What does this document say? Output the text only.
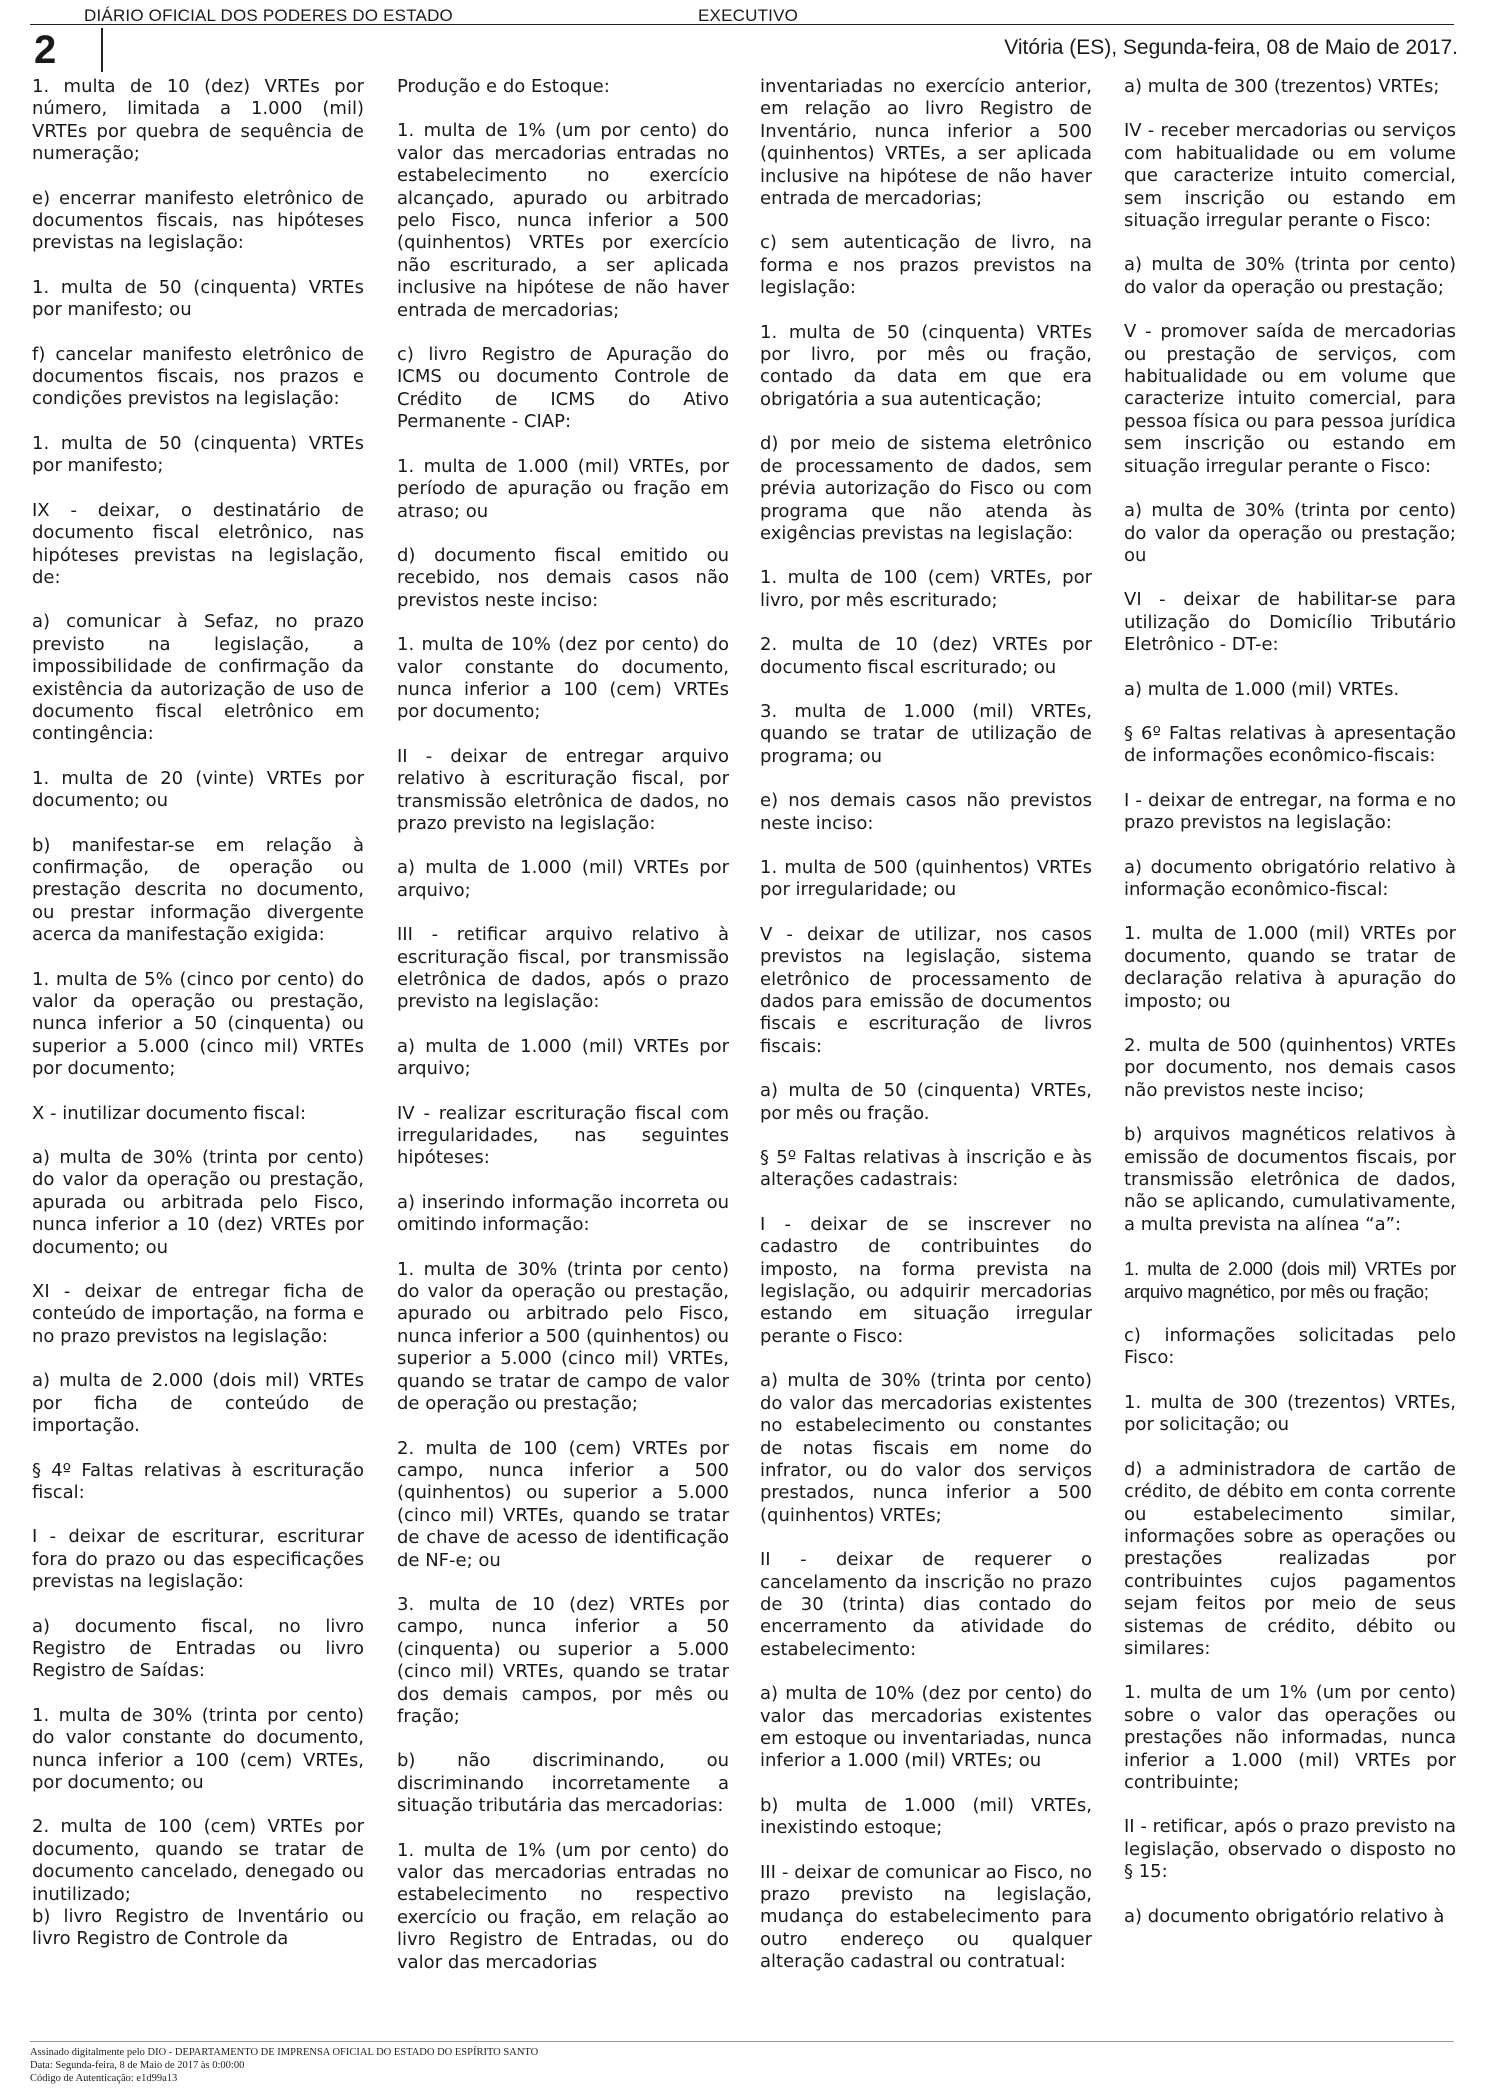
DIÁRIO OFICIAL DOS PODERES DO ESTADO	EXECUTIVO
2	Vitória (ES), Segunda-feira, 08 de Maio de 2017.

1. multa de 10 (dez) VRTEs por número, limitada a 1.000 (mil) VRTEs por quebra de sequência de numeração;

e) encerrar manifesto eletrônico de documentos fiscais, nas hipóteses previstas na legislação:

1. multa de 50 (cinquenta) VRTEs por manifesto; ou

f) cancelar manifesto eletrônico de documentos fiscais, nos prazos e condições previstos na legislação:

1. multa de 50 (cinquenta) VRTEs por manifesto;

IX - deixar, o destinatário de documento fiscal eletrônico, nas hipóteses previstas na legislação, de:

a) comunicar à Sefaz, no prazo previsto na legislação, a impossibilidade de confirmação da existência da autorização de uso de documento fiscal eletrônico em contingência:

1. multa de 20 (vinte) VRTEs por documento; ou

b) manifestar-se em relação à confirmação, de operação ou prestação descrita no documento, ou prestar informação divergente acerca da manifestação exigida:

1. multa de 5% (cinco por cento) do valor da operação ou prestação, nunca inferior a 50 (cinquenta) ou superior a 5.000 (cinco mil) VRTEs por documento;

X - inutilizar documento fiscal:

a) multa de 30% (trinta por cento) do valor da operação ou prestação, apurada ou arbitrada pelo Fisco, nunca inferior a 10 (dez) VRTEs por documento; ou

XI - deixar de entregar ficha de conteúdo de importação, na forma e no prazo previstos na legislação:

a) multa de 2.000 (dois mil) VRTEs por ficha de conteúdo de importação.

§ 4º Faltas relativas à escrituração fiscal:

I - deixar de escriturar, escriturar fora do prazo ou das especificações previstas na legislação:

a) documento fiscal, no livro Registro de Entradas ou livro Registro de Saídas:

1. multa de 30% (trinta por cento) do valor constante do documento, nunca inferior a 100 (cem) VRTEs, por documento; ou

2. multa de 100 (cem) VRTEs por documento, quando se tratar de documento cancelado, denegado ou inutilizado;

b) livro Registro de Inventário ou livro Registro de Controle da

Produção e do Estoque:

1. multa de 1% (um por cento) do valor das mercadorias entradas no estabelecimento no exercício alcançado, apurado ou arbitrado pelo Fisco, nunca inferior a 500 (quinhentos) VRTEs por exercício não escriturado, a ser aplicada inclusive na hipótese de não haver entrada de mercadorias;

c) livro Registro de Apuração do ICMS ou documento Controle de Crédito de ICMS do Ativo Permanente - CIAP:

1. multa de 1.000 (mil) VRTEs, por período de apuração ou fração em atraso; ou

d) documento fiscal emitido ou recebido, nos demais casos não previstos neste inciso:

1. multa de 10% (dez por cento) do valor constante do documento, nunca inferior a 100 (cem) VRTEs por documento;

II - deixar de entregar arquivo relativo à escrituração fiscal, por transmissão eletrônica de dados, no prazo previsto na legislação:

a) multa de 1.000 (mil) VRTEs por arquivo;

III - retificar arquivo relativo à escrituração fiscal, por transmissão eletrônica de dados, após o prazo previsto na legislação:

a) multa de 1.000 (mil) VRTEs por arquivo;

IV - realizar escrituração fiscal com irregularidades, nas seguintes hipóteses:

a) inserindo informação incorreta ou omitindo informação:

1. multa de 30% (trinta por cento) do valor da operação ou prestação, apurado ou arbitrado pelo Fisco, nunca inferior a 500 (quinhentos) ou superior a 5.000 (cinco mil) VRTEs, quando se tratar de campo de valor de operação ou prestação;

2. multa de 100 (cem) VRTEs por campo, nunca inferior a 500 (quinhentos) ou superior a 5.000 (cinco mil) VRTEs, quando se tratar de chave de acesso de identificação de NF-e; ou

3. multa de 10 (dez) VRTEs por campo, nunca inferior a 50 (cinquenta) ou superior a 5.000 (cinco mil) VRTEs, quando se tratar dos demais campos, por mês ou fração;

b) não discriminando, ou discriminando incorretamente a situação tributária das mercadorias:

1. multa de 1% (um por cento) do valor das mercadorias entradas no estabelecimento no respectivo exercício ou fração, em relação ao livro Registro de Entradas, ou do valor das mercadorias

inventariadas no exercício anterior, em relação ao livro Registro de Inventário, nunca inferior a 500 (quinhentos) VRTEs, a ser aplicada inclusive na hipótese de não haver entrada de mercadorias;

c) sem autenticação de livro, na forma e nos prazos previstos na legislação:

1. multa de 50 (cinquenta) VRTEs por livro, por mês ou fração, contado da data em que era obrigatória a sua autenticação;

d) por meio de sistema eletrônico de processamento de dados, sem prévia autorização do Fisco ou com programa que não atenda às exigências previstas na legislação:

1. multa de 100 (cem) VRTEs, por livro, por mês escriturado;

2. multa de 10 (dez) VRTEs por documento fiscal escriturado; ou

3. multa de 1.000 (mil) VRTEs, quando se tratar de utilização de programa; ou

e) nos demais casos não previstos neste inciso:

1. multa de 500 (quinhentos) VRTEs por irregularidade; ou

V - deixar de utilizar, nos casos previstos na legislação, sistema eletrônico de processamento de dados para emissão de documentos fiscais e escrituração de livros fiscais:

a) multa de 50 (cinquenta) VRTEs, por mês ou fração.

§ 5º Faltas relativas à inscrição e às alterações cadastrais:

I - deixar de se inscrever no cadastro de contribuintes do imposto, na forma prevista na legislação, ou adquirir mercadorias estando em situação irregular perante o Fisco:

a) multa de 30% (trinta por cento) do valor das mercadorias existentes no estabelecimento ou constantes de notas fiscais em nome do infrator, ou do valor dos serviços prestados, nunca inferior a 500 (quinhentos) VRTEs;

II - deixar de requerer o cancelamento da inscrição no prazo de 30 (trinta) dias contado do encerramento da atividade do estabelecimento:

a) multa de 10% (dez por cento) do valor das mercadorias existentes em estoque ou inventariadas, nunca inferior a 1.000 (mil) VRTEs; ou

b) multa de 1.000 (mil) VRTEs, inexistindo estoque;

III - deixar de comunicar ao Fisco, no prazo previsto na legislação, mudança do estabelecimento para outro endereço ou qualquer alteração cadastral ou contratual:

a) multa de 300 (trezentos) VRTEs;

IV - receber mercadorias ou serviços com habitualidade ou em volume que caracterize intuito comercial, sem inscrição ou estando em situação irregular perante o Fisco:

a) multa de 30% (trinta por cento) do valor da operação ou prestação;

V - promover saída de mercadorias ou prestação de serviços, com habitualidade ou em volume que caracterize intuito comercial, para pessoa física ou para pessoa jurídica sem inscrição ou estando em situação irregular perante o Fisco:

a) multa de 30% (trinta por cento) do valor da operação ou prestação; ou

VI - deixar de habilitar-se para utilização do Domicílio Tributário Eletrônico - DT-e:

a) multa de 1.000 (mil) VRTEs.

§ 6º Faltas relativas à apresentação de informações econômico-fiscais:

I - deixar de entregar, na forma e no prazo previstos na legislação:

a) documento obrigatório relativo à informação econômico-fiscal:

1. multa de 1.000 (mil) VRTEs por documento, quando se tratar de declaração relativa à apuração do imposto; ou

2. multa de 500 (quinhentos) VRTEs por documento, nos demais casos não previstos neste inciso;

b) arquivos magnéticos relativos à emissão de documentos fiscais, por transmissão eletrônica de dados, não se aplicando, cumulativamente, a multa prevista na alínea “a”:

1. multa de 2.000 (dois mil) VRTEs por arquivo magnético, por mês ou fração;

c) informações solicitadas pelo Fisco:

1. multa de 300 (trezentos) VRTEs, por solicitação; ou

d) a administradora de cartão de crédito, de débito em conta corrente ou estabelecimento similar, informações sobre as operações ou prestações realizadas por contribuintes cujos pagamentos sejam feitos por meio de seus sistemas de crédito, débito ou similares:

1. multa de um 1% (um por cento) sobre o valor das operações ou prestações não informadas, nunca inferior a 1.000 (mil) VRTEs por contribuinte;

II - retificar, após o prazo previsto na legislação, observado o disposto no § 15:

a) documento obrigatório relativo à

Assinado digitalmente pelo DIO - DEPARTAMENTO DE IMPRENSA OFICIAL DO ESTADO DO ESPÍRITO SANTO
Data: Segunda-feira, 8 de Maio de 2017 às 0:00:00
Código de Autenticação: e1d99a13
